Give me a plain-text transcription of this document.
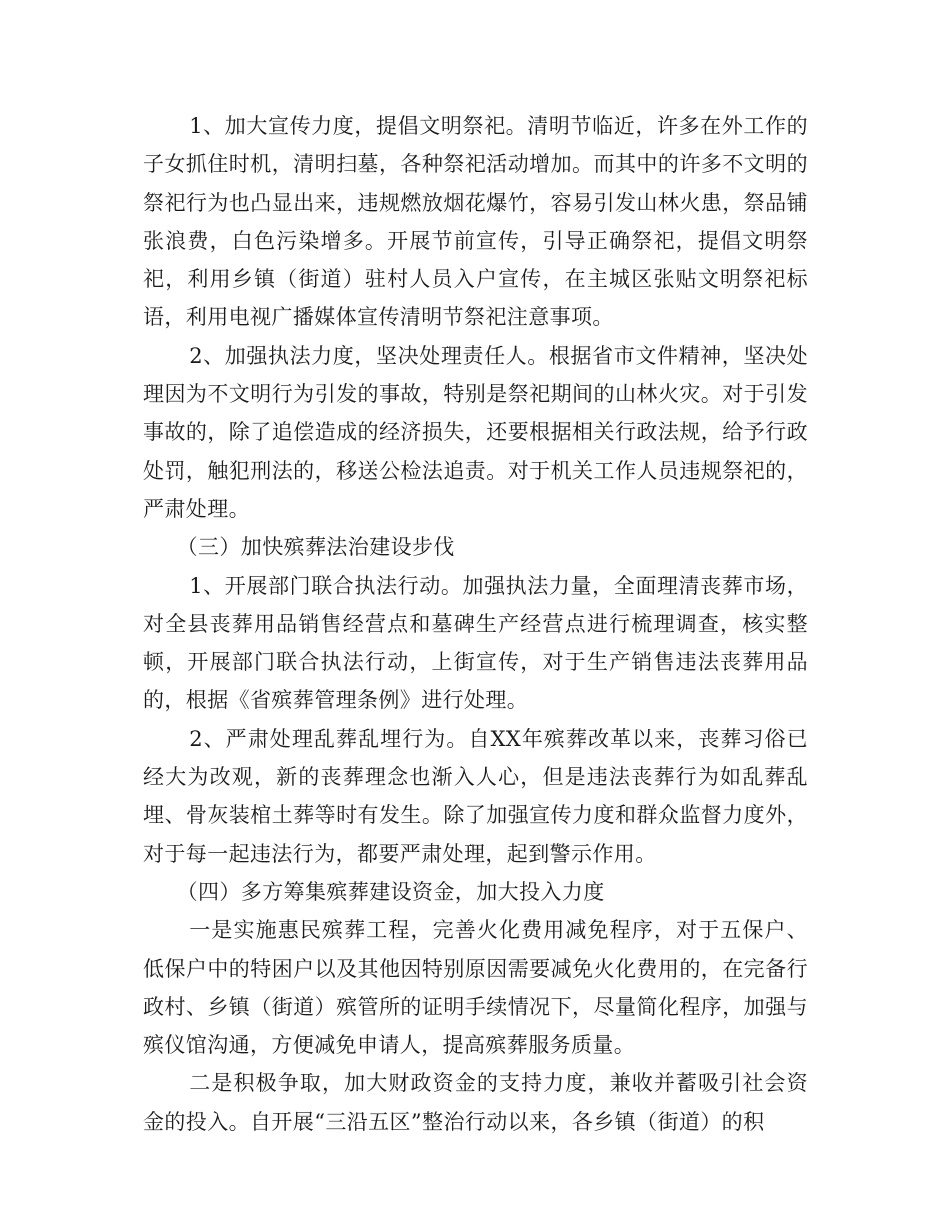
1、加大宣传力度，提倡文明祭祀。清明节临近，许多在外工作的子女抓住时机，清明扫墓，各种祭祀活动增加。而其中的许多不文明的祭祀行为也凸显出来，违规燃放烟花爆竹，容易引发山林火患，祭品铺张浪费，白色污染增多。开展节前宣传，引导正确祭祀，提倡文明祭祀，利用乡镇（街道）驻村人员入户宣传，在主城区张贴文明祭祀标语，利用电视广播媒体宣传清明节祭祀注意事项。

2、加强执法力度，坚决处理责任人。根据省市文件精神，坚决处理因为不文明行为引发的事故，特别是祭祀期间的山林火灾。对于引发事故的，除了追偿造成的经济损失，还要根据相关行政法规，给予行政处罚，触犯刑法的，移送公检法追责。对于机关工作人员违规祭祀的，严肃处理。

（三）加快殡葬法治建设步伐

1、开展部门联合执法行动。加强执法力量，全面理清丧葬市场，对全县丧葬用品销售经营点和墓碑生产经营点进行梳理调查，核实整顿，开展部门联合执法行动，上街宣传，对于生产销售违法丧葬用品的，根据《省殡葬管理条例》进行处理。

2、严肃处理乱葬乱埋行为。自XX年殡葬改革以来，丧葬习俗已经大为改观，新的丧葬理念也渐入人心，但是违法丧葬行为如乱葬乱埋、骨灰装棺土葬等时有发生。除了加强宣传力度和群众监督力度外，对于每一起违法行为，都要严肃处理，起到警示作用。

（四）多方筹集殡葬建设资金，加大投入力度

一是实施惠民殡葬工程，完善火化费用减免程序，对于五保户、低保户中的特困户以及其他因特别原因需要减免火化费用的，在完备行政村、乡镇（街道）殡管所的证明手续情况下，尽量简化程序，加强与殡仪馆沟通，方便减免申请人，提高殡葬服务质量。

二是积极争取，加大财政资金的支持力度，兼收并蓄吸引社会资金的投入。自开展“三沿五区”整治行动以来，各乡镇（街道）的积
